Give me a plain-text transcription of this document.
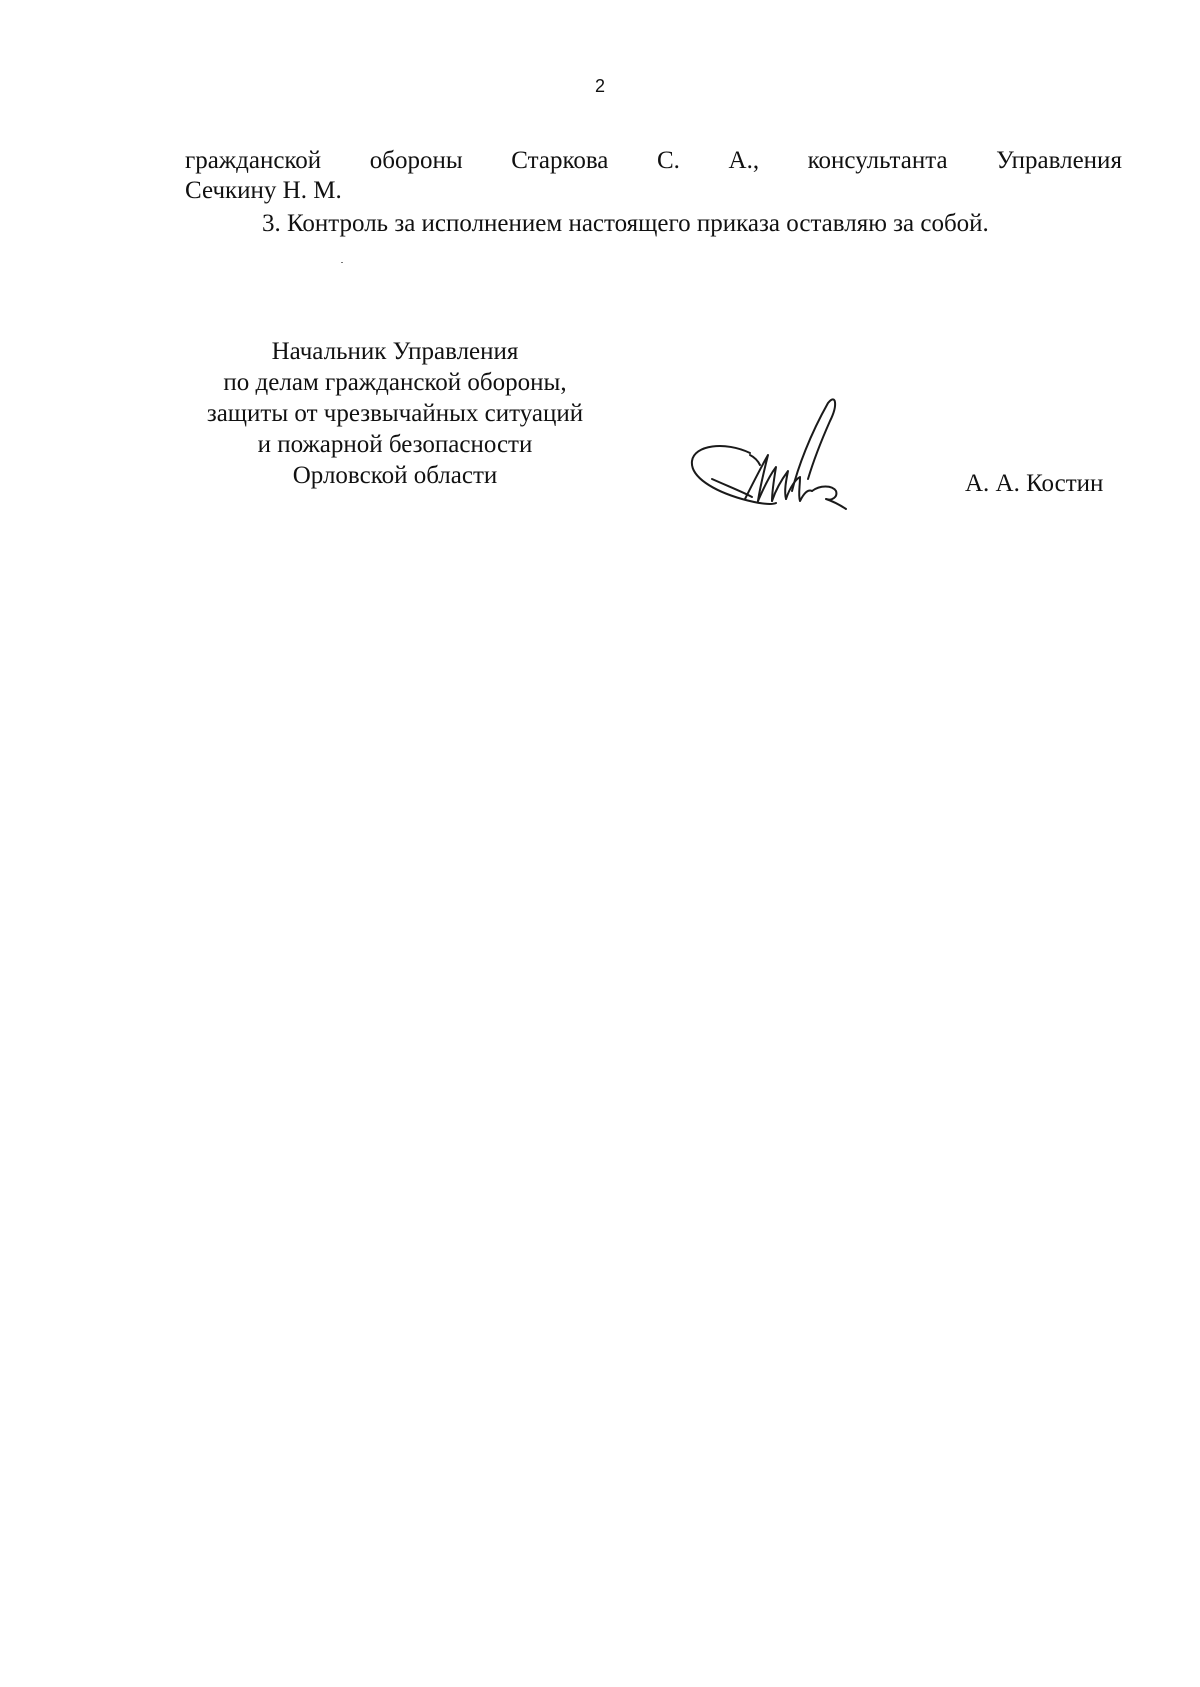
2
гражданской обороны Старкова С. А., консультанта Управления
Сечкину Н. М.
3. Контроль за исполнением настоящего приказа оставляю за собой.
Начальник Управления
по делам гражданской обороны,
защиты от чрезвычайных ситуаций
и пожарной безопасности
Орловской области	А. А. Костин
